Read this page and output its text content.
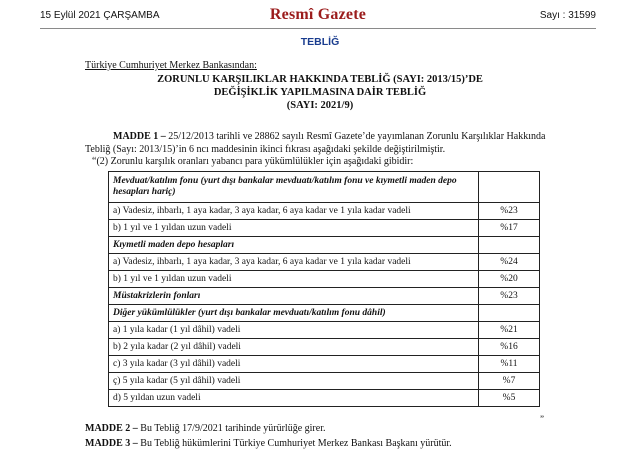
15 Eylül 2021 ÇARŞAMBA	Resmî Gazete	Sayı : 31599
TEBLİĞ
Türkiye Cumhuriyet Merkez Bankasından:
ZORUNLU KARŞILIKLAR HAKKINDA TEBLİĞ (SAYI: 2013/15)’DE
DEĞİŞİKLİK YAPILMASINA DAİR TEBLİĞ
(SAYI: 2021/9)
MADDE 1 – 25/12/2013 tarihli ve 28862 sayılı Resmî Gazete’de yayımlanan Zorunlu Karşılıklar Hakkında
Tebliğ (Sayı: 2013/15)’in 6 ncı maddesinin ikinci fıkrası aşağıdaki şekilde değiştirilmiştir.
“(2) Zorunlu karşılık oranları yabancı para yükümlülükler için aşağıdaki gibidir:
Mevduat/katılım fonu (yurt dışı bankalar mevduatı/katılım fonu ve kıymetli maden depo hesapları hariç)	
a) Vadesiz, ihbarlı, 1 aya kadar, 3 aya kadar, 6 aya kadar ve 1 yıla kadar vadeli	%23
b) 1 yıl ve 1 yıldan uzun vadeli	%17
Kıymetli maden depo hesapları	
a) Vadesiz, ihbarlı, 1 aya kadar, 3 aya kadar, 6 aya kadar ve 1 yıla kadar vadeli	%24
b) 1 yıl ve 1 yıldan uzun vadeli	%20
Müstakrizlerin fonları	%23
Diğer yükümlülükler (yurt dışı bankalar mevduatı/katılım fonu dâhil)	
a) 1 yıla kadar (1 yıl dâhil) vadeli	%21
b) 2 yıla kadar (2 yıl dâhil) vadeli	%16
c) 3 yıla kadar (3 yıl dâhil) vadeli	%11
ç) 5 yıla kadar (5 yıl dâhil) vadeli	%7
d) 5 yıldan uzun vadeli	%5
”
MADDE 2 – Bu Tebliğ 17/9/2021 tarihinde yürürlüğe girer.
MADDE 3 – Bu Tebliğ hükümlerini Türkiye Cumhuriyet Merkez Bankası Başkanı yürütür.
